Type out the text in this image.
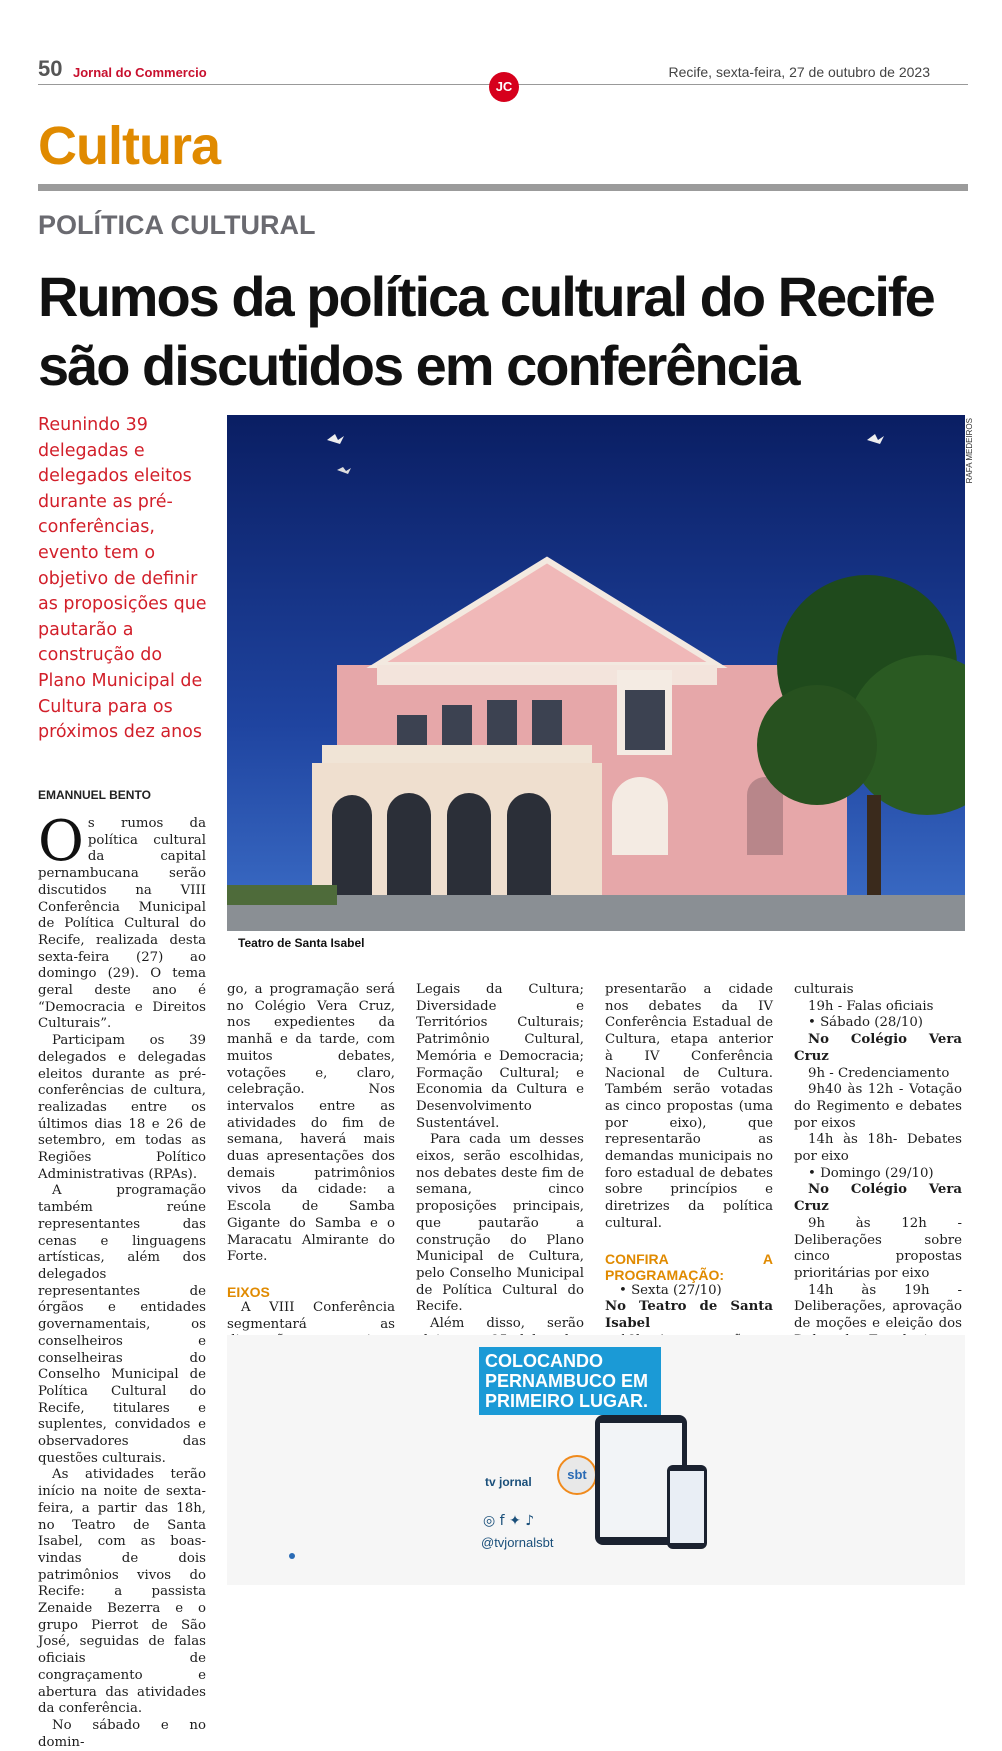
50 Jornal do Commercio	Recife, sexta-feira, 27 de outubro de 2023
JC
Cultura
POLÍTICA CULTURAL
Rumos da política cultural do Recife
são discutidos em conferência
Reunindo 39 delegadas e delegados eleitos durante as pré-conferências, evento tem o objetivo de definir as proposições que pautarão a construção do Plano Municipal de Cultura para os próximos dez anos
RAFA MEDEIROS
Teatro de Santa Isabel
EMANNUEL BENTO
O s rumos da política cultural da capital pernambucana serão discutidos na VIII Conferência Municipal de Política Cultural do Recife, realizada desta sexta-feira (27) ao domingo (29). O tema geral deste ano é “Democracia e Direitos Culturais”.

Participam os 39 delegados e delegadas eleitos durante as pré-conferências de cultura, realizadas entre os últimos dias 18 e 26 de setembro, em todas as Regiões Político Administrativas (RPAs).

A programação também reúne representantes das cenas e linguagens artísticas, além dos delegados representantes de órgãos e entidades governamentais, os conselheiros e conselheiras do Conselho Municipal de Política Cultural do Recife, titulares e suplentes, convidados e observadores das questões culturais.

As atividades terão início na noite de sexta-feira, a partir das 18h, no Teatro de Santa Isabel, com as boas-vindas de dois patrimônios vivos do Recife: a passista Zenaide Bezerra e o grupo Pierrot de São José, seguidas de falas oficiais de congraçamento e abertura das atividades da conferência.

No sábado e no domin-

go, a programação será no Colégio Vera Cruz, nos expedientes da manhã e da tarde, com muitos debates, votações e, claro, celebração. Nos intervalos entre as atividades do fim de semana, haverá mais duas apresentações dos demais patrimônios vivos da cidade: a Escola de Samba Gigante do Samba e o Maracatu Almirante do Forte.

EIXOS

A VIII Conferência segmentará as

Legais da Cultura; Diversidade e Territórios Culturais; Patrimônio Cultural, Memória e Democracia; Formação Cultural; e Economia da Cultura e Desenvolvimento Sustentável.

Para cada um desses eixos, serão escolhidas, nos debates deste fim de semana, cinco proposições principais, que pautarão a construção do Plano Municipal de Cultura, pelo Conselho Municipal de Política Cultural do Recife.

Além disso, serão

presentarão a cidade nos debates da IV Conferência Estadual de Cultura, etapa anterior à IV Conferência Nacional de Cultura. Também serão votadas as cinco propostas (uma por eixo), que representarão as demandas municipais no foro estadual de debates sobre princípios e diretrizes da política cultural.

CONFIRA A PROGRAMAÇÃO:

• Sexta (27/10)

No Teatro de Santa Isabel

culturais

19h - Falas oficiais

• Sábado (28/10)

No Colégio Vera Cruz

9h - Credenciamento

9h40 às 12h - Votação do Regimento e debates por eixos

14h às 18h- Debates por eixo

• Domingo (29/10)

No Colégio Vera Cruz

9h às 12h - Deliberações sobre cinco propostas prioritárias por eixo

14h às 19h - Deliberações, aprovação de moções e eleição dos

COLOCANDO PERNAMBUCO EM PRIMEIRO LUGAR.
tv jornal	sbt
◎ f ✦ ♪
@tvjornalsbt
